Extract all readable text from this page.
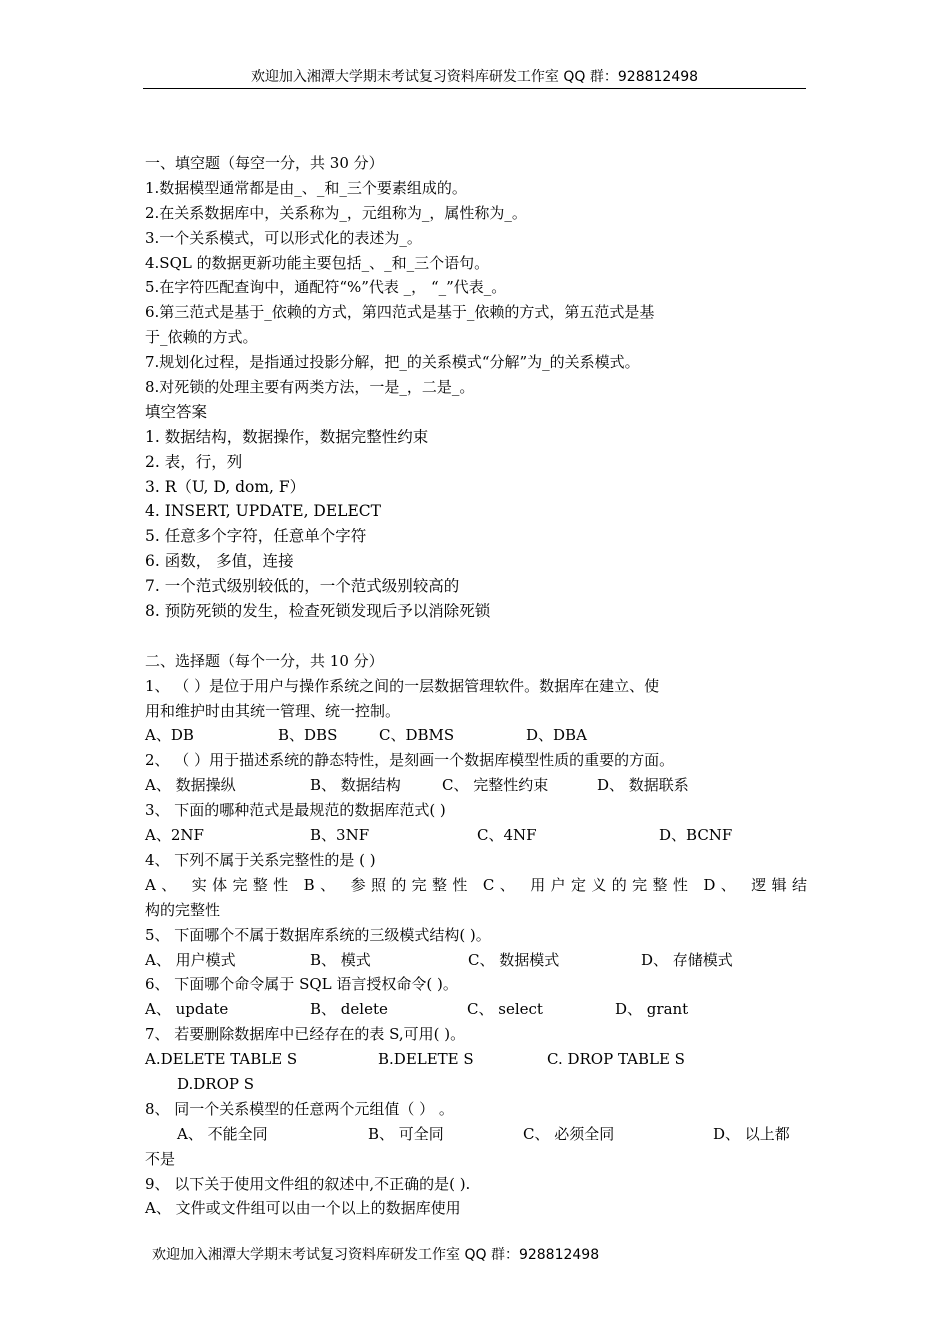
欢迎加入湘潭大学期末考试复习资料库研发工作室 QQ 群：928812498
一、填空题（每空一分，共 30 分）
1.数据模型通常都是由_、_和_三个要素组成的。
2.在关系数据库中，关系称为_，元组称为_，属性称为_。
3.一个关系模式，可以形式化的表述为_。
4.SQL 的数据更新功能主要包括_、_和_三个语句。
5.在字符匹配查询中，通配符“%”代表 _， “_”代表_。
6.第三范式是基于_依赖的方式，第四范式是基于_依赖的方式，第五范式是基
于_依赖的方式。
7.规划化过程，是指通过投影分解，把_的关系模式“分解”为_的关系模式。
8.对死锁的处理主要有两类方法，一是_，二是_。
填空答案
1. 数据结构，数据操作，数据完整性约束
2. 表，行，列
3. R（U, D, dom, F）
4. INSERT, UPDATE, DELECT
5. 任意多个字符，任意单个字符
6. 函数， 多值，连接
7. 一个范式级别较低的，一个范式级别较高的
8. 预防死锁的发生，检查死锁发现后予以消除死锁
二、选择题（每个一分，共 10 分）
1、 （ ）是位于用户与操作系统之间的一层数据管理软件。数据库在建立、使
用和维护时由其统一管理、统一控制。
A、DB	B、DBS	C、DBMS	D、DBA
2、 （ ）用于描述系统的静态特性，是刻画一个数据库模型性质的重要的方面。
A、 数据操纵	B、 数据结构	C、 完整性约束	D、 数据联系
3、 下面的哪种范式是最规范的数据库范式( )
A、2NF	B、3NF	C、4NF	D、BCNF
4、 下列不属于关系完整性的是 ( )
A、 实体完整性 B、 参照的完整性 C、 用户定义的完整性 D、 逻辑结
构的完整性
5、 下面哪个不属于数据库系统的三级模式结构( )。
A、 用户模式	B、 模式	C、 数据模式	D、 存储模式
6、 下面哪个命令属于 SQL 语言授权命令( )。
A、 update	B、 delete	C、 select	D、 grant
7、 若要删除数据库中已经存在的表 S,可用( )。
A.DELETE TABLE S	B.DELETE S	C. DROP TABLE S
D.DROP S
8、 同一个关系模型的任意两个元组值（ ） 。
A、 不能全同	B、 可全同	C、 必须全同	D、 以上都
不是
9、 以下关于使用文件组的叙述中,不正确的是( ).
A、 文件或文件组可以由一个以上的数据库使用
欢迎加入湘潭大学期末考试复习资料库研发工作室 QQ 群：928812498
